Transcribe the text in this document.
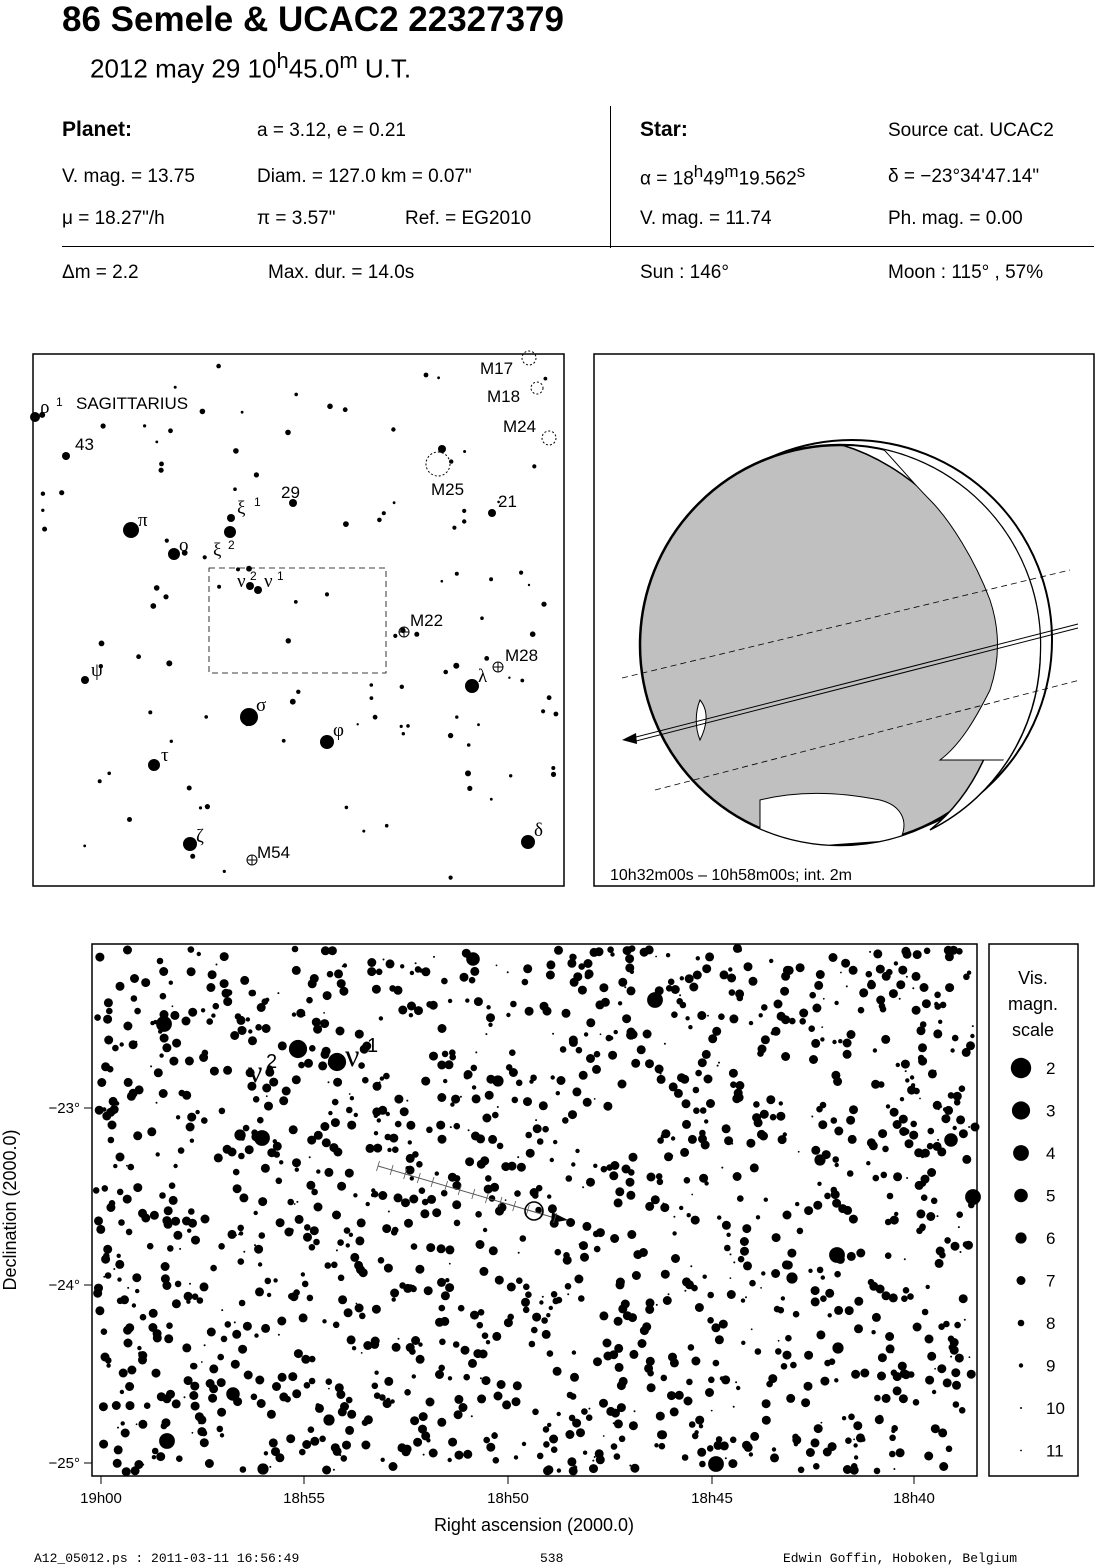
86 Semele & UCAC2 22327379
2012 may 29 10$^h$45.0$^m$ U.T.
Planet:	a = 3.12, e = 0.21
V. mag. = 13.75	Diam. = 127.0 km = 0.07"
μ = 18.27"/h	π = 3.57"	Ref. = EG2010
Star:	Source cat. UCAC2
$\alpha = 18^h49^m19.562^s$	δ = −23°34'47.14"
V. mag. = 11.74	Ph. mag. = 0.00
Δm = 2.2	Max. dur. = 14.0s	Sun : 146°	Moon : 115° , 57%
ρ 1 SAGITTARIUS
43
29	21
ξ 1
ξ 2
π
ο
ν 2 ν 1
ψ
σ
φ
τ
ζ
λ
δ
M17
M18
M24
M25
M22
M28
M54
10h32m00s – 10h58m00s; int. 2m
ν 2 ν 1
19h00	18h55	18h50	18h45	18h40
−23°
−24°
−25°
Right ascension (2000.0)
Declination (2000.0)
Vis.
magn.
scale
2
3
4
5
6
7
8
9
10
11
A12_05012.ps : 2011-03-11 16:56:49	538	Edwin Goffin, Hoboken, Belgium
